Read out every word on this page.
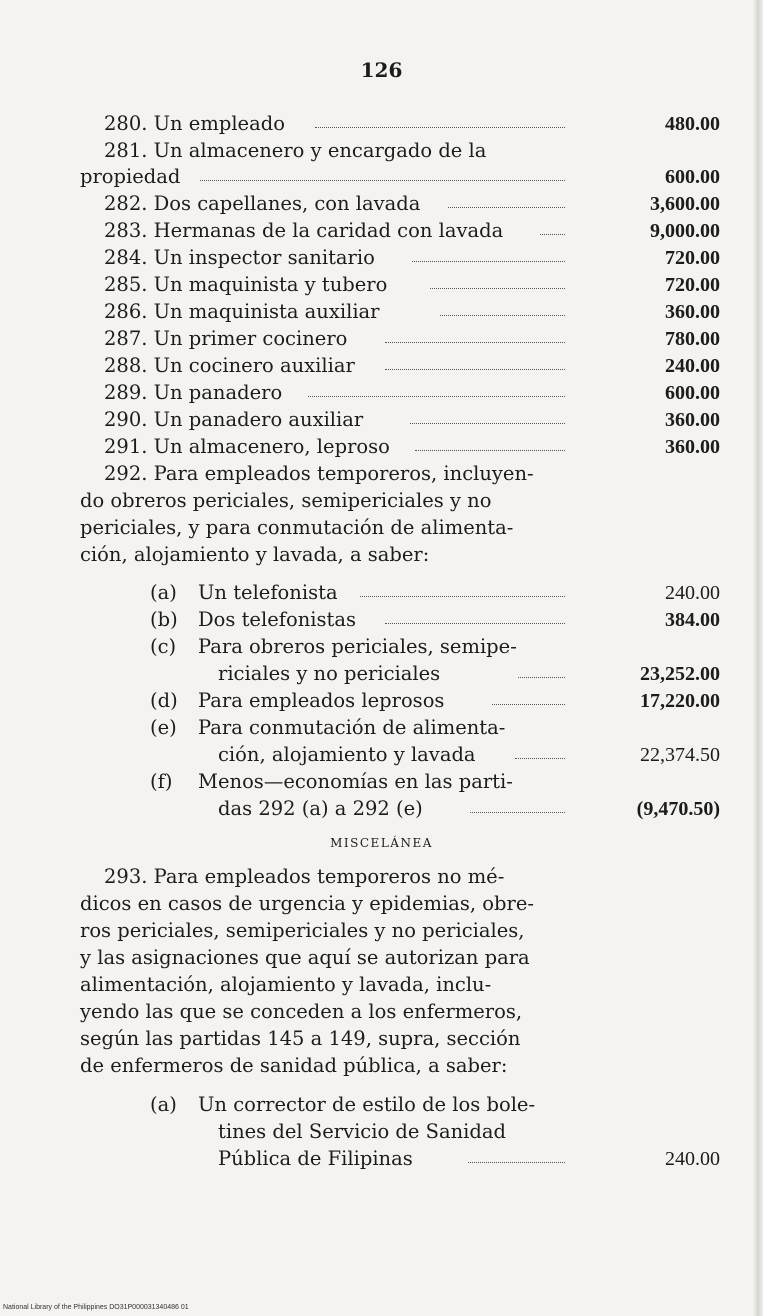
126
280. Un empleado	480.00
281. Un almacenero y encargado de la
propiedad	600.00
282. Dos capellanes, con lavada	3,600.00
283. Hermanas de la caridad con lavada	9,000.00
284. Un inspector sanitario	720.00
285. Un maquinista y tubero	720.00
286. Un maquinista auxiliar	360.00
287. Un primer cocinero	780.00
288. Un cocinero auxiliar	240.00
289. Un panadero	600.00
290. Un panadero auxiliar	360.00
291. Un almacenero, leproso	360.00
292. Para empleados temporeros, incluyen-
do obreros periciales, semipericiales y no
periciales, y para conmutación de alimenta-
ción, alojamiento y lavada, a saber:
(a) Un telefonista	240.00
(b) Dos telefonistas	384.00
(c) Para obreros periciales, semipe-
riciales y no periciales	23,252.00
(d) Para empleados leprosos	17,220.00
(e) Para conmutación de alimenta-
ción, alojamiento y lavada	22,374.50
(f) Menos—economías en las parti-
das 292 (a) a 292 (e)	(9,470.50)
MISCELÁNEA
293. Para empleados temporeros no mé-
dicos en casos de urgencia y epidemias, obre-
ros periciales, semipericiales y no periciales,
y las asignaciones que aquí se autorizan para
alimentación, alojamiento y lavada, inclu-
yendo las que se conceden a los enfermeros,
según las partidas 145 a 149, supra, sección
de enfermeros de sanidad pública, a saber:
(a) Un corrector de estilo de los bole-
tines del Servicio de Sanidad
Pública de Filipinas	240.00
National Library of the Philippines DO31P000031340486 01
